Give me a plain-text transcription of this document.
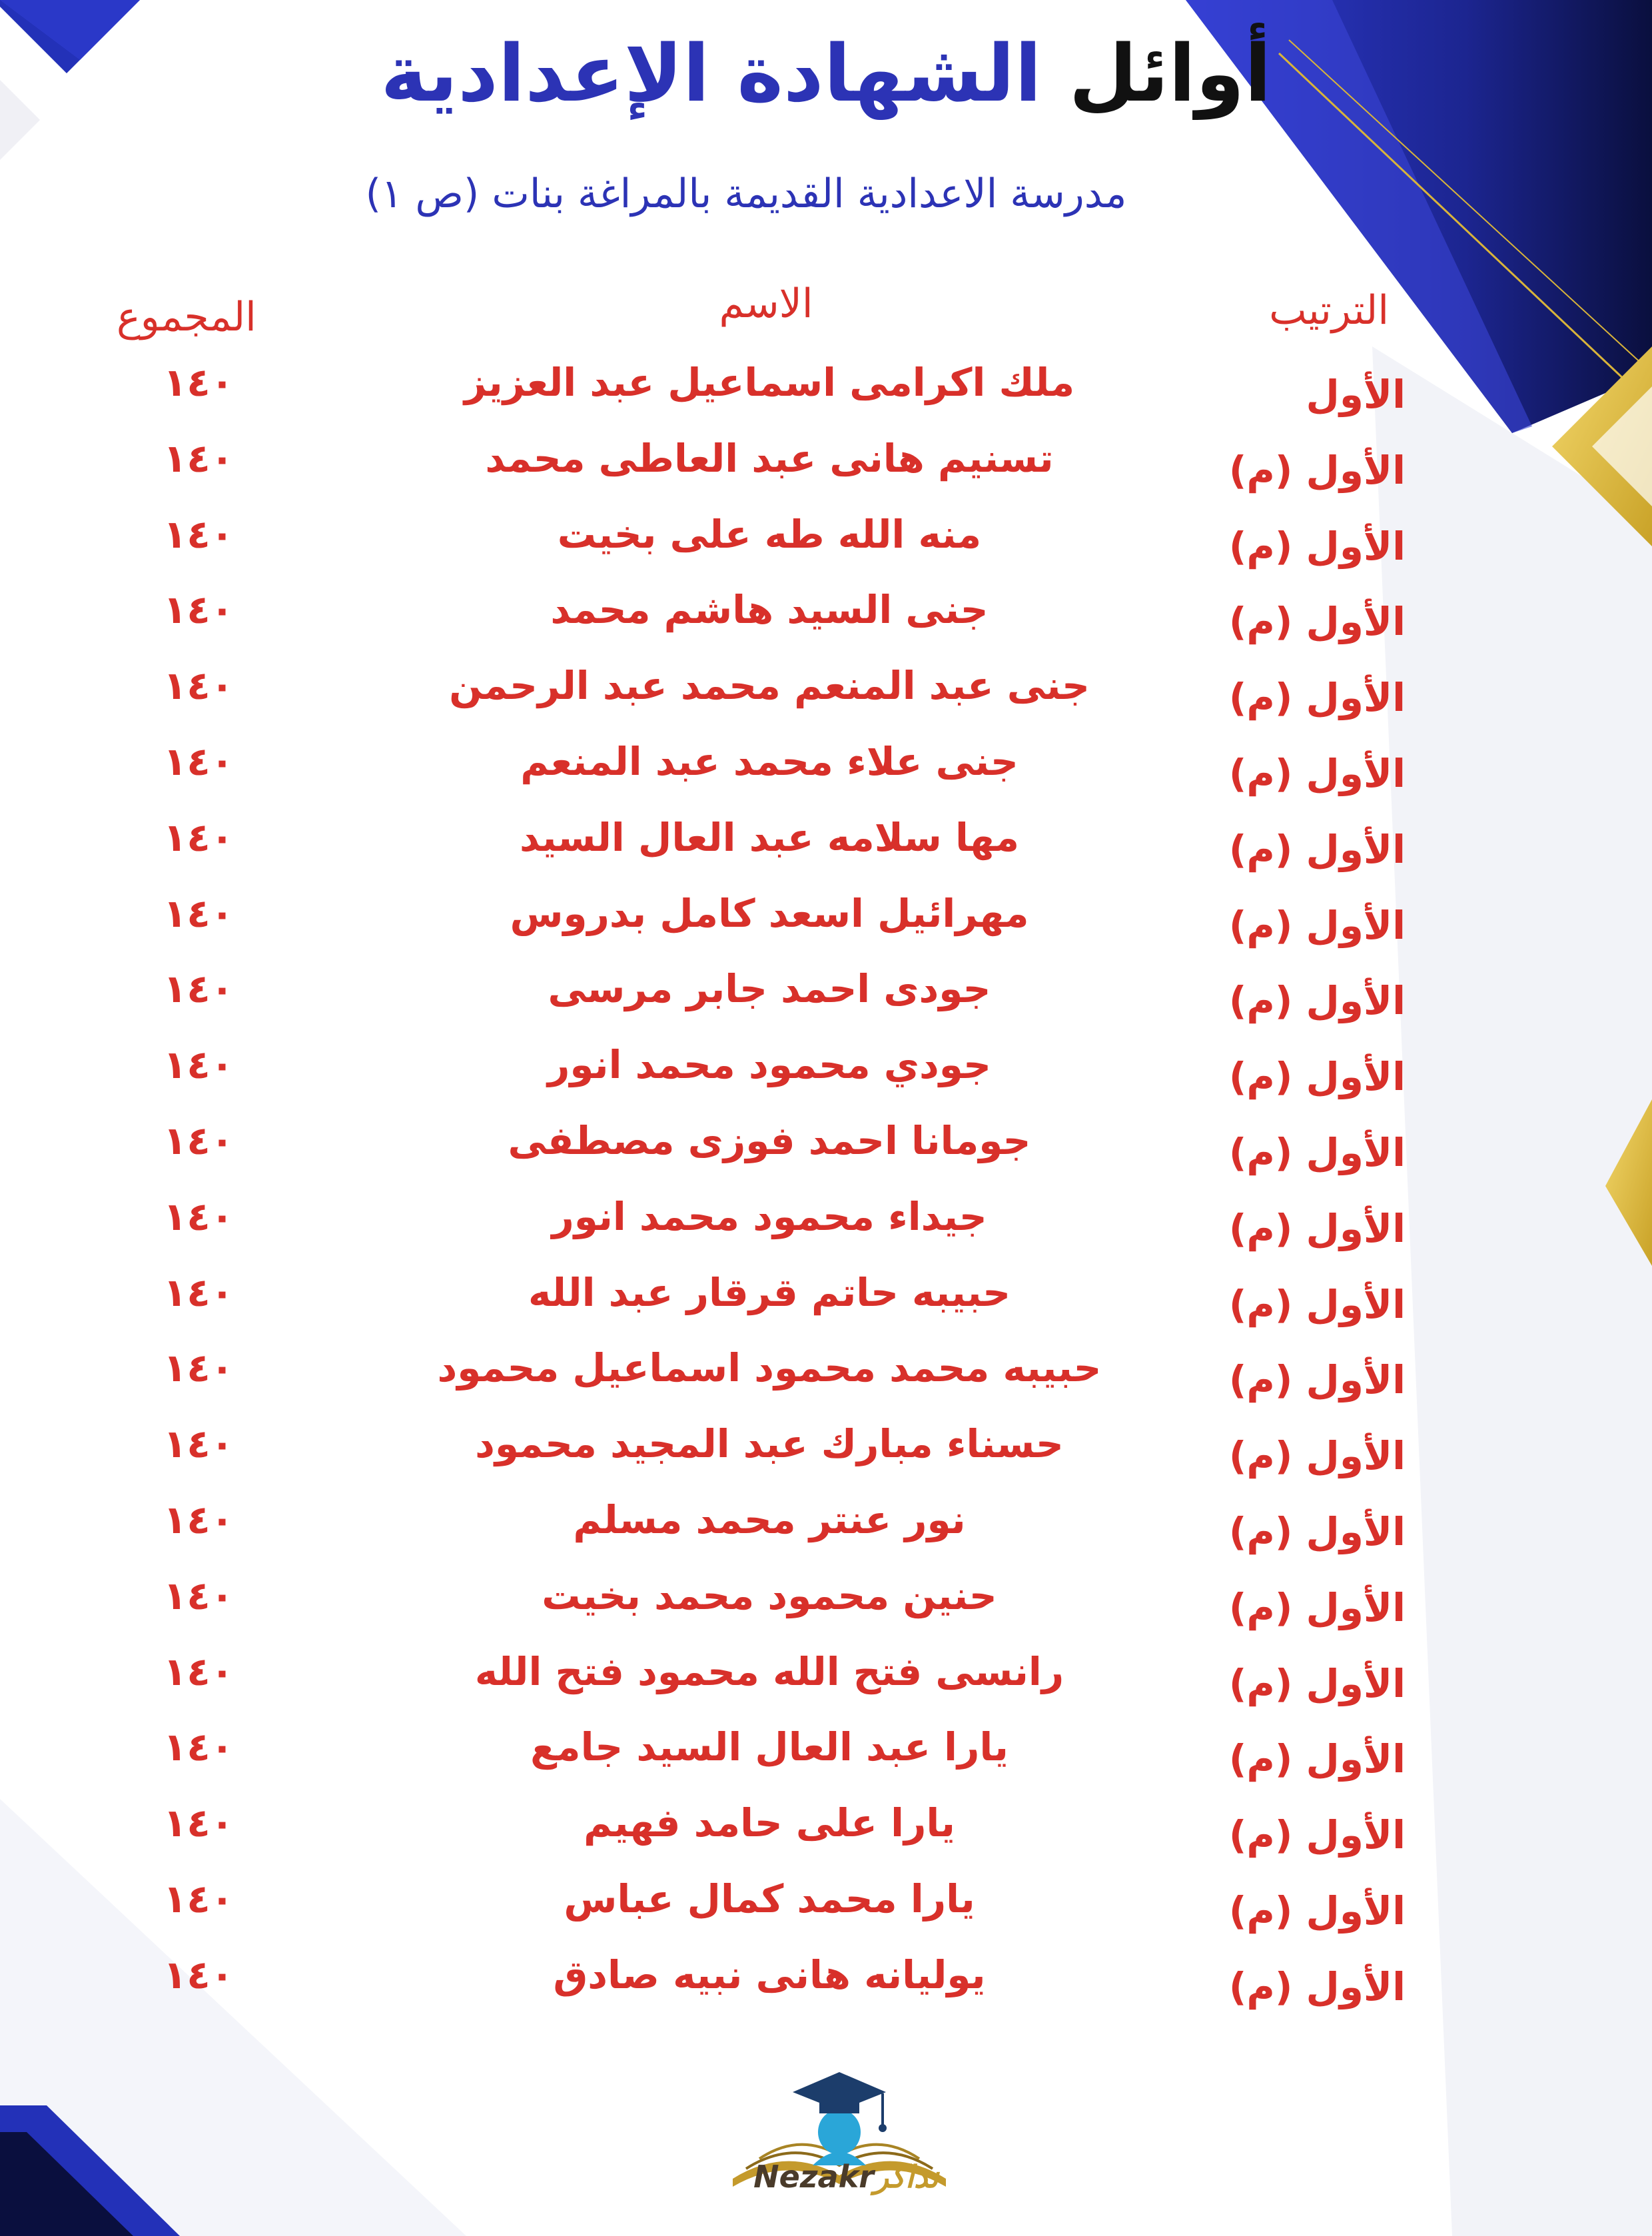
أوائل الشهادة الإعدادية
مدرسة الاعدادية القديمة بالمراغة بنات (ص ١)
الترتيب
الاسم
المجموع
الأول
ملك اكرامى اسماعيل عبد العزيز
١٤٠
الأول (م)
تسنيم هانى عبد العاطى محمد
١٤٠
الأول (م)
منه الله طه على بخيت
١٤٠
الأول (م)
جنى السيد هاشم محمد
١٤٠
الأول (م)
جنى عبد المنعم محمد عبد الرحمن
١٤٠
الأول (م)
جنى علاء محمد عبد المنعم
١٤٠
الأول (م)
مها سلامه عبد العال السيد
١٤٠
الأول (م)
مهرائيل اسعد كامل بدروس
١٤٠
الأول (م)
جودى احمد جابر مرسى
١٤٠
الأول (م)
جودي محمود محمد انور
١٤٠
الأول (م)
جومانا احمد فوزى مصطفى
١٤٠
الأول (م)
جيداء محمود محمد انور
١٤٠
الأول (م)
حبيبه حاتم قرقار عبد الله
١٤٠
الأول (م)
حبيبه محمد محمود اسماعيل محمود
١٤٠
الأول (م)
حسناء مبارك عبد المجيد محمود
١٤٠
الأول (م)
نور عنتر محمد مسلم
١٤٠
الأول (م)
حنين محمود محمد بخيت
١٤٠
الأول (م)
رانسى فتح الله محمود فتح الله
١٤٠
الأول (م)
يارا عبد العال السيد جامع
١٤٠
الأول (م)
يارا على حامد فهيم
١٤٠
الأول (م)
يارا محمد كمال عباس
١٤٠
الأول (م)
يوليانه هانى نبيه صادق
١٤٠
Nezakrنذاكر
